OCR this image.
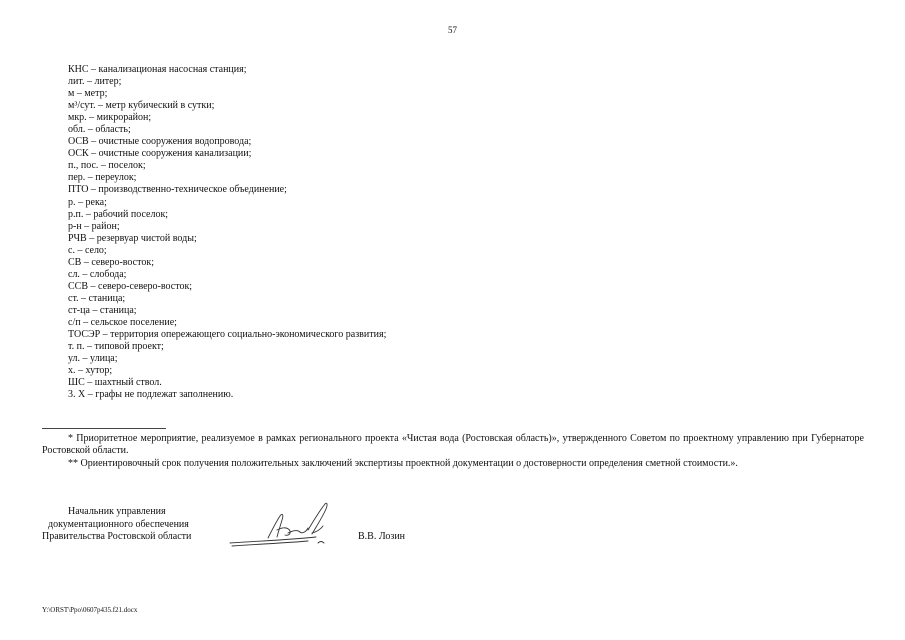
57
КНС – канализационая насосная станция;
лит. – литер;
м – метр;
м³/сут. – метр кубический в сутки;
мкр. – микрорайон;
обл. – область;
ОСВ – очистные сооружения водопровода;
ОСК – очистные сооружения канализации;
п., пос. – поселок;
пер. – переулок;
ПТО – производственно-техническое объединение;
р. – река;
р.п. – рабочий поселок;
р-н – район;
РЧВ – резервуар чистой воды;
с. – село;
СВ – северо-восток;
сл. – слобода;
ССВ – северо-северо-восток;
ст. – станица;
ст-ца – станица;
с/п – сельское поселение;
ТОСЭР – территория опережающего социально-экономического развития;
т. п. – типовой проект;
ул. – улица;
х. – хутор;
ШС – шахтный ствол.
3. Х – графы не подлежат заполнению.
* Приоритетное мероприятие, реализуемое в рамках регионального проекта «Чистая вода (Ростовская область)», утвержденного Советом по проектному управлению при Губернаторе Ростовской области.
** Ориентировочный срок получения положительных заключений экспертизы проектной документации о достоверности определения сметной стоимости.».
Начальник управления
документационного обеспечения
Правительства Ростовской области	В.В. Лозин
Y:\ORST\Ppo\0607p435.f21.docx
